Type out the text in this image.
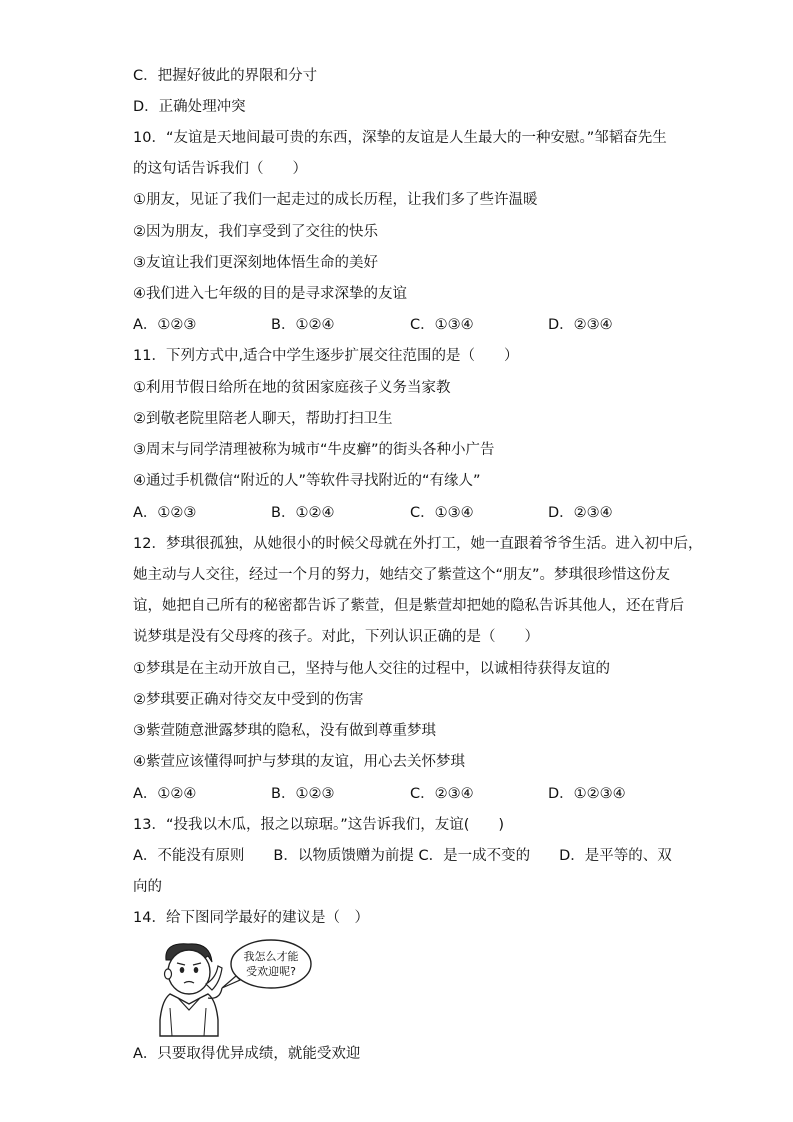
C．把握好彼此的界限和分寸
D．正确处理冲突
10．“友谊是天地间最可贵的东西，深挚的友谊是人生最大的一种安慰。”邹韬奋先生
的这句话告诉我们（　　）
①朋友，见证了我们一起走过的成长历程，让我们多了些许温暖
②因为朋友，我们享受到了交往的快乐
③友谊让我们更深刻地体悟生命的美好
④我们进入七年级的目的是寻求深挚的友谊
A．①②③	B．①②④	C．①③④	D．②③④
11．下列方式中,适合中学生逐步扩展交往范围的是（　　）
①利用节假日给所在地的贫困家庭孩子义务当家教
②到敬老院里陪老人聊天，帮助打扫卫生
③周末与同学清理被称为城市“牛皮癣”的街头各种小广告
④通过手机微信“附近的人”等软件寻找附近的“有缘人”
A．①②③	B．①②④	C．①③④	D．②③④
12．梦琪很孤独，从她很小的时候父母就在外打工，她一直跟着爷爷生活。进入初中后，
她主动与人交往，经过一个月的努力，她结交了紫萱这个“朋友”。梦琪很珍惜这份友
谊，她把自己所有的秘密都告诉了紫萱，但是紫萱却把她的隐私告诉其他人，还在背后
说梦琪是没有父母疼的孩子。对此，下列认识正确的是（　　）
①梦琪是在主动开放自己，坚持与他人交往的过程中，以诚相待获得友谊的
②梦琪要正确对待交友中受到的伤害
③紫萱随意泄露梦琪的隐私，没有做到尊重梦琪
④紫萱应该懂得呵护与梦琪的友谊，用心去关怀梦琪
A．①②④	B．①②③	C．②③④	D．①②③④
13．“投我以木瓜，报之以琼琚。”这告诉我们，友谊(　　)
A．不能没有原则　　B．以物质馈赠为前提 C．是一成不变的　　D．是平等的、双
向的
14．给下图同学最好的建议是（　）
我怎么才能
受欢迎呢?
A．只要取得优异成绩，就能受欢迎
